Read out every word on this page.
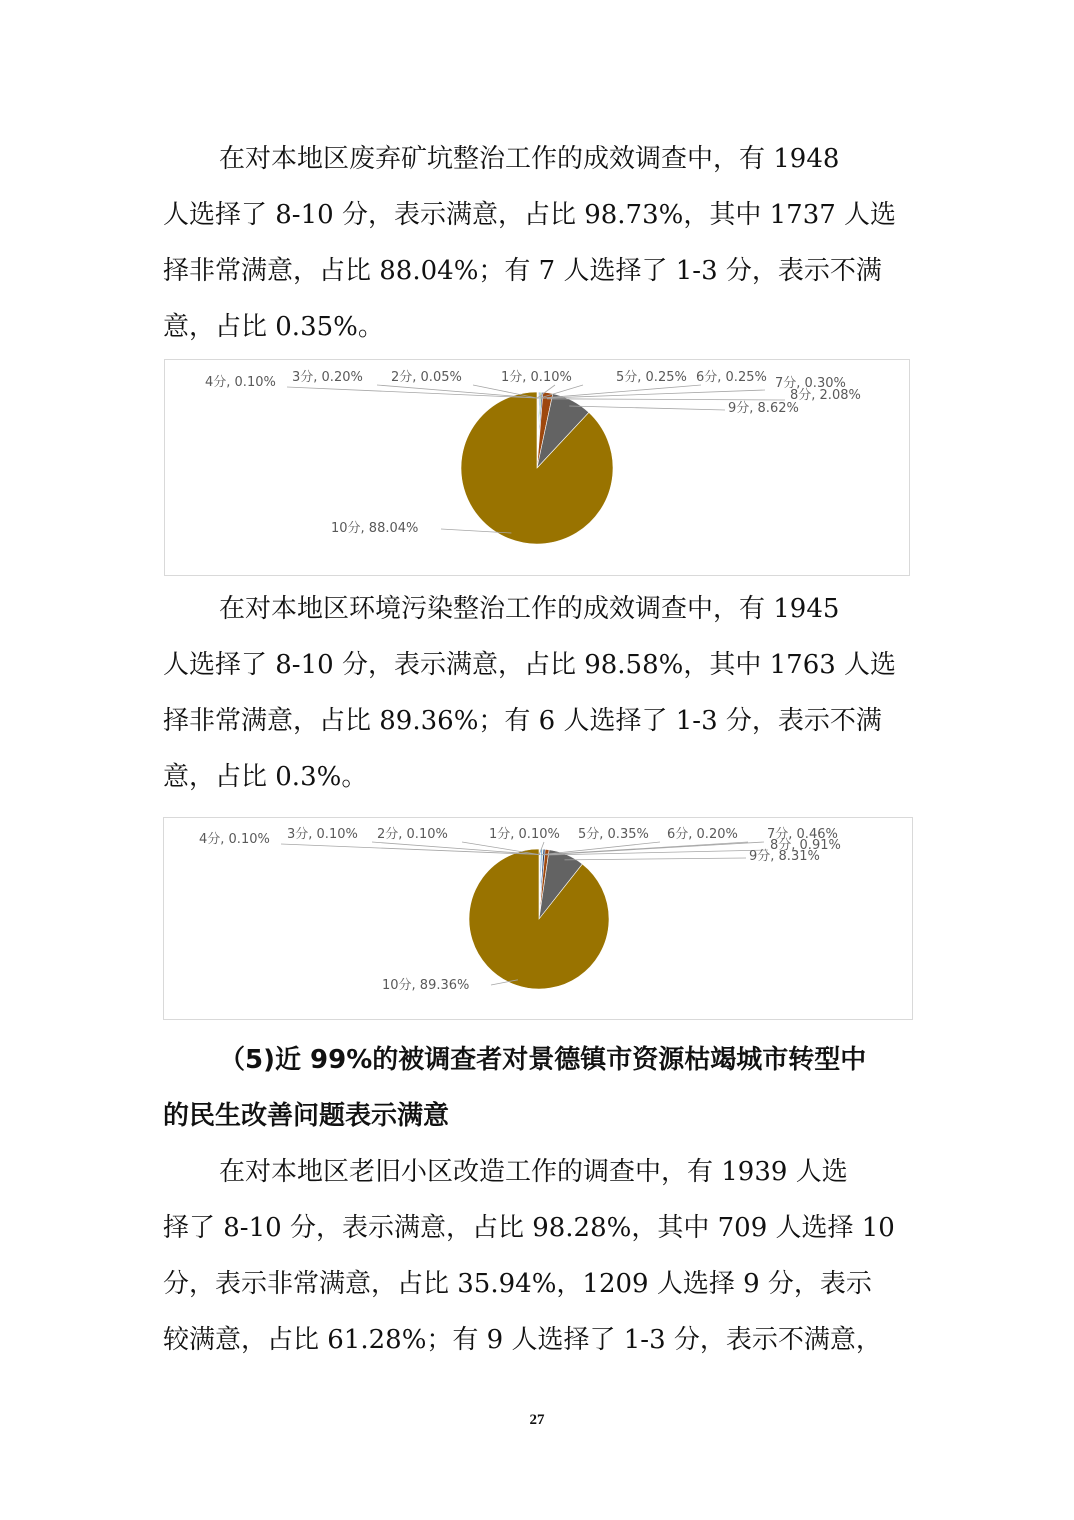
在对本地区废弃矿坑整治工作的成效调查中，有 1948
人选择了 8-10 分，表示满意，占比 98.73%，其中 1737 人选
择非常满意，占比 88.04%；有 7 人选择了 1-3 分，表示不满
意，占比 0.35%。
1分, 0.10%
2分, 0.05%
3分, 0.20%
4分, 0.10%	5分, 0.25% 6分, 0.25% 7分, 0.30%
8分, 2.08%
9分, 8.62%
10分, 88.04%
在对本地区环境污染整治工作的成效调查中，有 1945
人选择了 8-10 分，表示满意，占比 98.58%，其中 1763 人选
择非常满意，占比 89.36%；有 6 人选择了 1-3 分，表示不满
意，占比 0.3%。
1分, 0.10%
2分, 0.10%
3分, 0.10%
4分, 0.10%	5分, 0.35% 6分, 0.20% 7分, 0.46%
8分, 0.91%
9分, 8.31%
10分, 89.36%
（5)近 99%的被调查者对景德镇市资源枯竭城市转型中
的民生改善问题表示满意
在对本地区老旧小区改造工作的调查中，有 1939 人选
择了 8-10 分，表示满意，占比 98.28%，其中 709 人选择 10
分，表示非常满意，占比 35.94%，1209 人选择 9 分，表示
较满意，占比 61.28%；有 9 人选择了 1-3 分，表示不满意，
27
